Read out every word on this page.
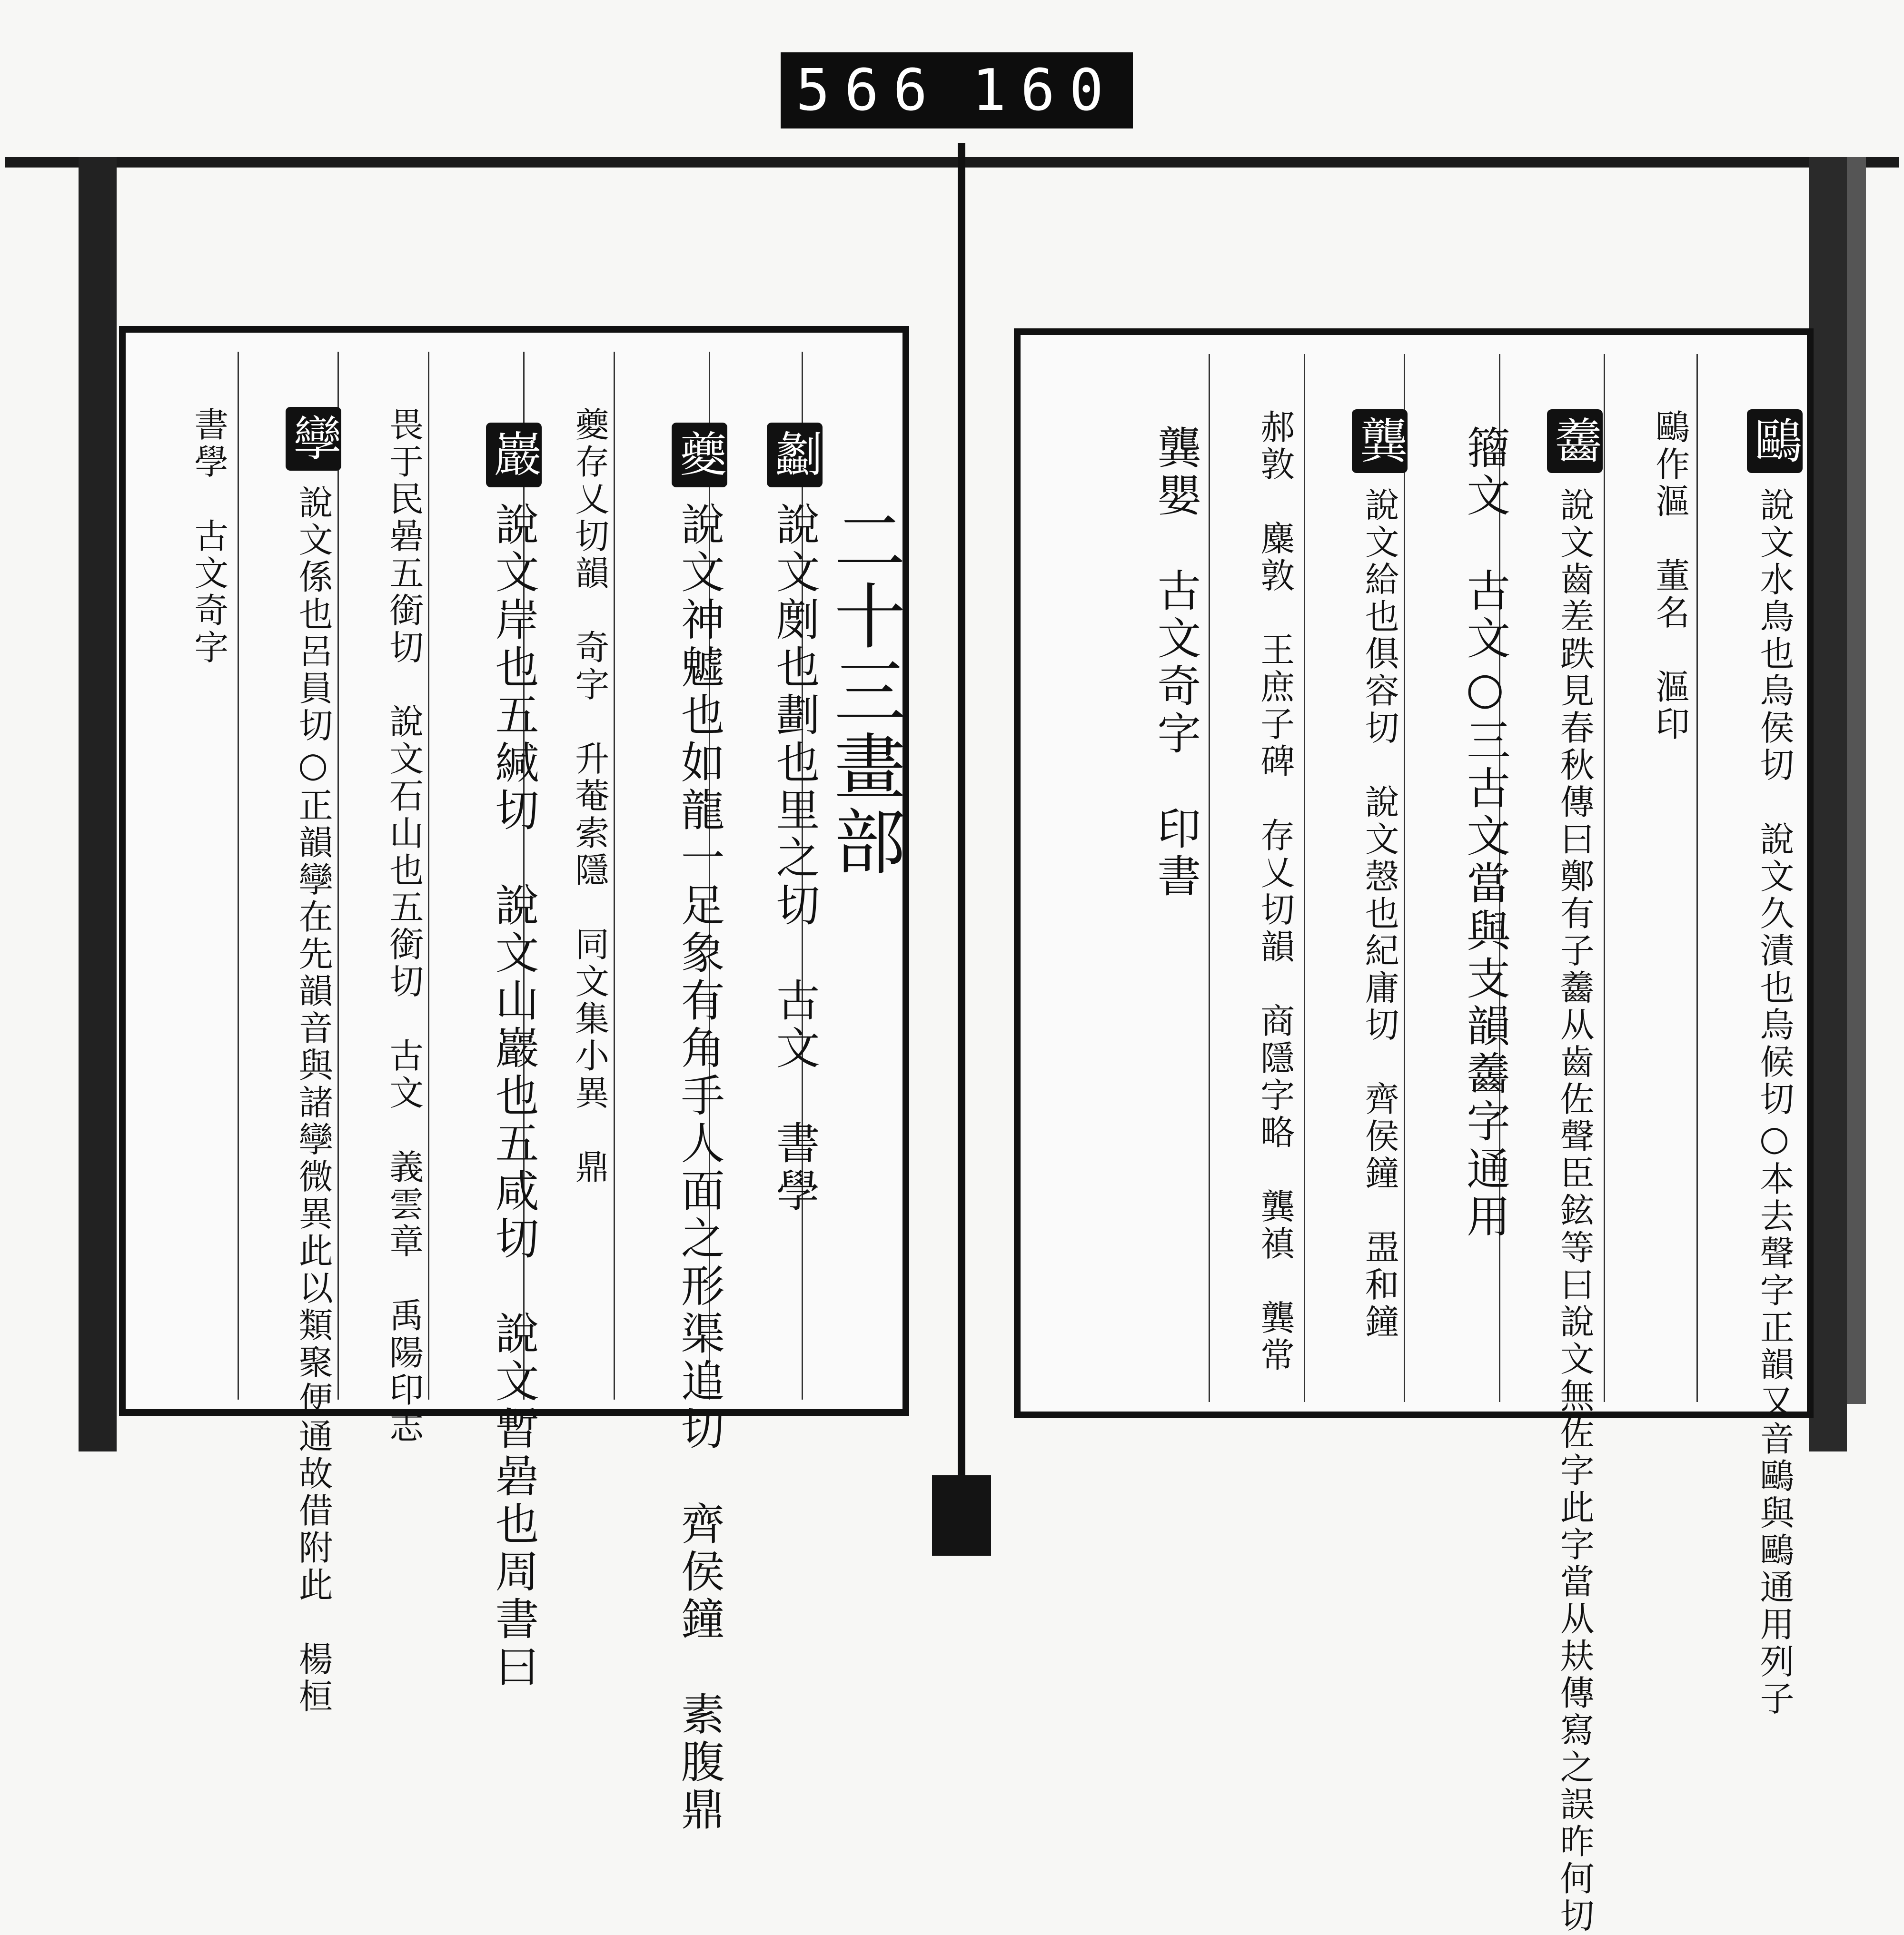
566 160
二十三畫部

劙說文剫也劃也里之切　古文　書學

夔說文神魖也如龍一足象有角手人面之形渠追切　齊侯鐘　素腹鼎

夔存乂切韻　奇字　升菴索隱　同文集小異　鼎

巖說文岸也五緘切　說文山巖也五咸切　說文暫碞也周書曰

畏于民碞五銜切　說文石山也五銜切　古文　義雲章　禹陽印志

孿說文係也呂員切○正韻孿在先韻音與諸孿微異此以類聚便通故借附此　楊桓

書學　古文奇字
	鷗說文水鳥也烏侯切　說文久漬也烏候切○本去聲字正韻又音鷗與鷗通用列子

鷗作漚　董名　漚印

齹說文齒差跌見春秋傳曰鄭有子齹从齒佐聲臣鉉等曰說文無佐字此字當从㚘傳寫之誤昨何切

籀文　古文○三古文當與支韻齹字通用

龔說文給也俱容切　說文愨也紀庸切　齊侯鐘　盄和鐘

郝敦　麋敦　王庶子碑　存乂切韻　商隱字略　龔禛　龔常

龔嬰　古文奇字　印書
